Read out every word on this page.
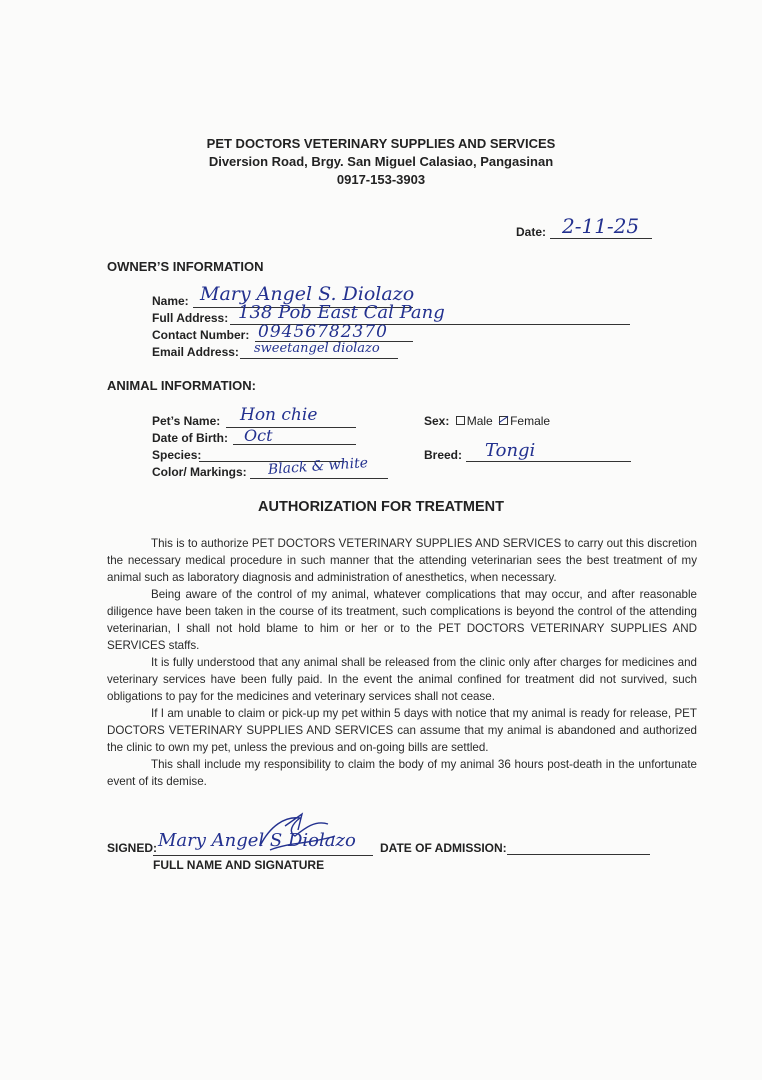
PET DOCTORS VETERINARY SUPPLIES AND SERVICES
Diversion Road, Brgy. San Miguel Calasiao, Pangasinan
0917-153-3903
Date: 2-11-25
OWNER’S INFORMATION
Name: Mary Angel S. Diolazo
Full Address: 138 Pob East Cal Pang
Contact Number: 09456782370
Email Address: sweetangel diolazo
ANIMAL INFORMATION:
Pet’s Name: Hon chie
Date of Birth: Oct
Species:
Color/ Markings: Black & white
Sex: Male Female
Breed: Tongi
AUTHORIZATION FOR TREATMENT

This is to authorize PET DOCTORS VETERINARY SUPPLIES AND SERVICES to carry out this discretion the necessary medical procedure in such manner that the attending veterinarian sees the best treatment of my animal such as laboratory diagnosis and administration of anesthetics, when necessary.

Being aware of the control of my animal, whatever complications that may occur, and after reasonable diligence have been taken in the course of its treatment, such complications is beyond the control of the attending veterinarian, I shall not hold blame to him or her or to the PET DOCTORS VETERINARY SUPPLIES AND SERVICES staffs.

It is fully understood that any animal shall be released from the clinic only after charges for medicines and veterinary services have been fully paid. In the event the animal confined for treatment did not survived, such obligations to pay for the medicines and veterinary services shall not cease.

If I am unable to claim or pick-up my pet within 5 days with notice that my animal is ready for release, PET DOCTORS VETERINARY SUPPLIES AND SERVICES can assume that my animal is abandoned and authorized the clinic to own my pet, unless the previous and on-going bills are settled.

This shall include my responsibility to claim the body of my animal 36 hours post-death in the unfortunate event of its demise.

SIGNED: Mary Angel S Diolazo
FULL NAME AND SIGNATURE
DATE OF ADMISSION:
